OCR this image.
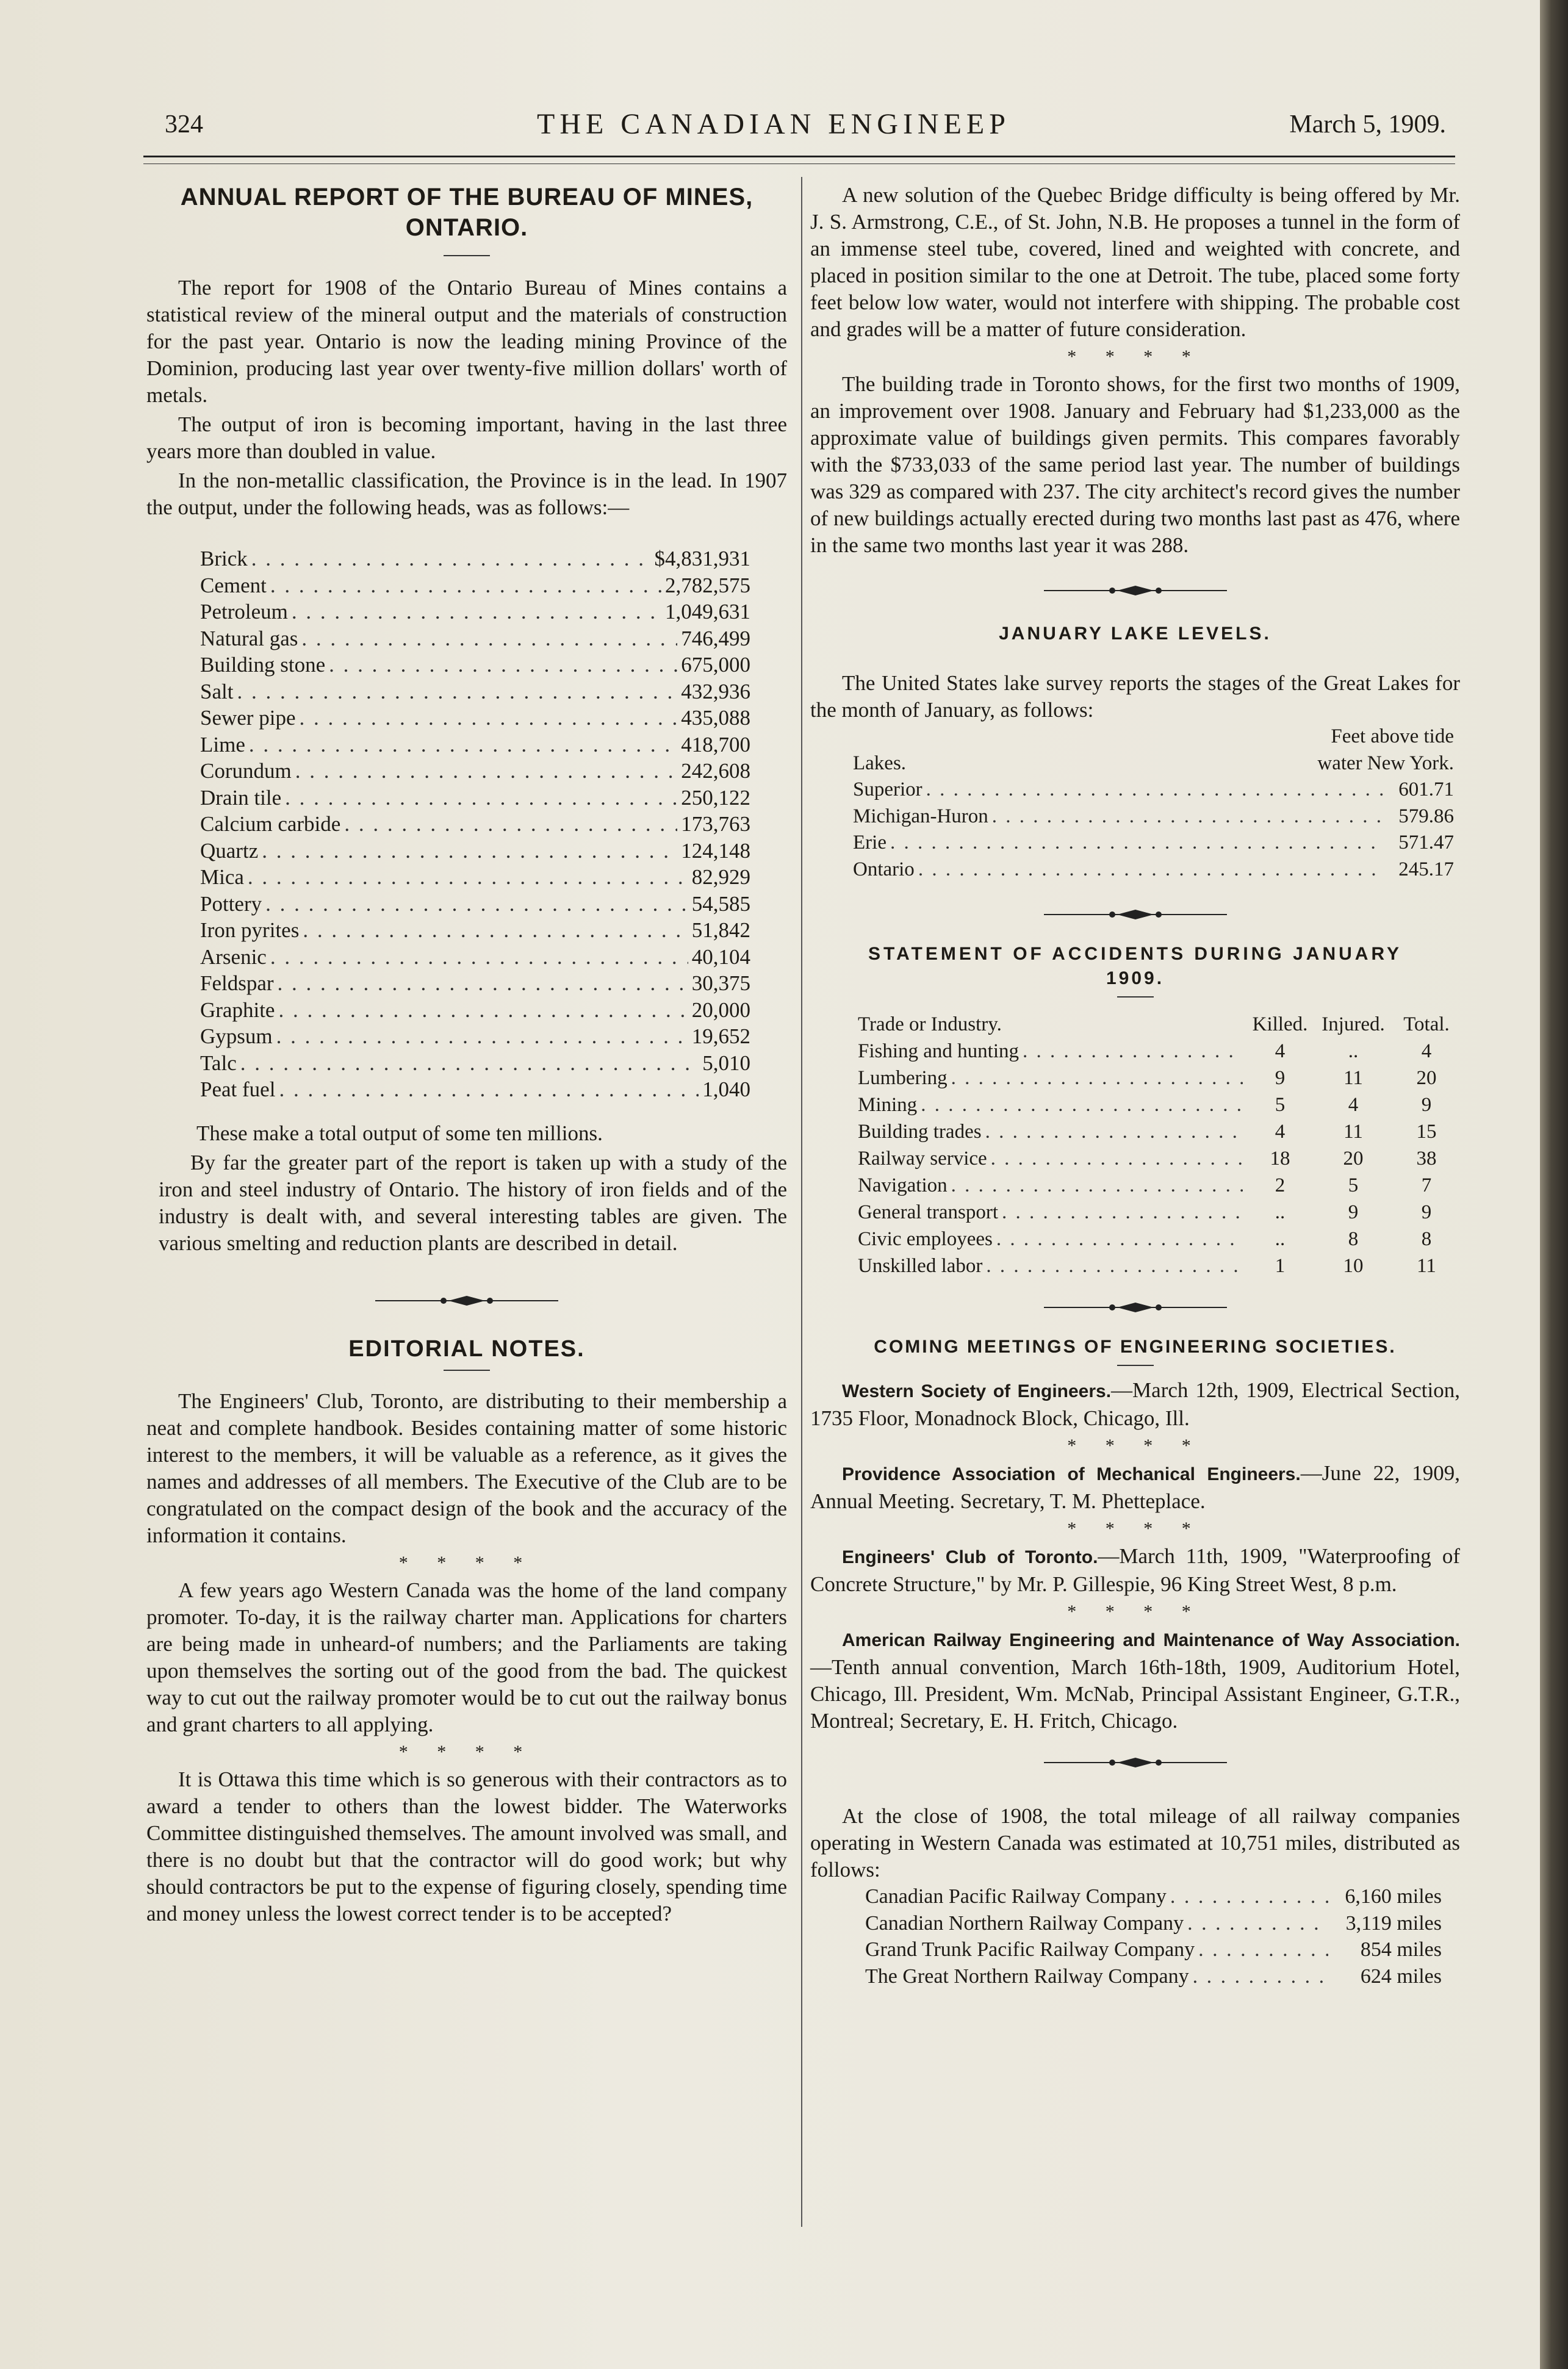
324	THE CANADIAN ENGINEEP	March 5, 1909.

ANNUAL REPORT OF THE BUREAU OF MINES,

ONTARIO.

The report for 1908 of the Ontario Bureau of Mines contains a statistical review of the mineral output and the materials of construction for the past year. Ontario is now the leading mining Province of the Dominion, producing last year over twenty-five million dollars' worth of metals.

The output of iron is becoming important, having in the last three years more than doubled in value.

In the non-metallic classification, the Province is in the lead. In 1907 the output, under the following heads, was as follows:—

Brick . . .	$4,831,931
Cement . . .	2,782,575
Petroleum . . .	1,049,631
Natural gas . . .	746,499
Building stone . . .	675,000
Salt . . .	432,936
Sewer pipe . . .	435,088
Lime . . .	418,700
Corundum . . .	242,608
Drain tile . . .	250,122
Calcium carbide . . .	173,763
Quartz . . .	124,148
Mica . . .	82,929
Pottery . . .	54,585
Iron pyrites . . .	51,842
Arsenic . . .	40,104
Feldspar . . .	30,375
Graphite . . .	20,000
Gypsum . . .	19,652
Talc . . .	5,010
Peat fuel . . .	1,040

These make a total output of some ten millions.

By far the greater part of the report is taken up with a study of the iron and steel industry of Ontario. The history of iron fields and of the industry is dealt with, and several interesting tables are given. The various smelting and reduction plants are described in detail.

EDITORIAL NOTES.

The Engineers' Club, Toronto, are distributing to their membership a neat and complete handbook. Besides containing matter of some historic interest to the members, it will be valuable as a reference, as it gives the names and addresses of all members. The Executive of the Club are to be congratulated on the compact design of the book and the accuracy of the information it contains.

* * * *

A few years ago Western Canada was the home of the land company promoter. To-day, it is the railway charter man. Applications for charters are being made in unheard-of numbers; and the Parliaments are taking upon themselves the sorting out of the good from the bad. The quickest way to cut out the railway promoter would be to cut out the railway bonus and grant charters to all applying.

* * * *

It is Ottawa this time which is so generous with their contractors as to award a tender to others than the lowest bidder. The Waterworks Committee distinguished themselves. The amount involved was small, and there is no doubt but that the contractor will do good work; but why should contractors be put to the expense of figuring closely, spending time and money unless the lowest correct tender is to be accepted?

A new solution of the Quebec Bridge difficulty is being offered by Mr. J. S. Armstrong, C.E., of St. John, N.B. He proposes a tunnel in the form of an immense steel tube, covered, lined and weighted with concrete, and placed in position similar to the one at Detroit. The tube, placed some forty feet below low water, would not interfere with shipping. The probable cost and grades will be a matter of future consideration.

* * * *

The building trade in Toronto shows, for the first two months of 1909, an improvement over 1908. January and February had $1,233,000 as the approximate value of buildings given permits. This compares favorably with the $733,033 of the same period last year. The number of buildings was 329 as compared with 237. The city architect's record gives the number of new buildings actually erected during two months last past as 476, where in the same two months last year it was 288.

JANUARY LAKE LEVELS.

The United States lake survey reports the stages of the Great Lakes for the month of January, as follows:

Feet above tide
Lakes.	water New York.
Superior . . .	601.71
Michigan-Huron . . .	579.86
Erie . . .	571.47
Ontario . . .	245.17

STATEMENT OF ACCIDENTS DURING JANUARY

1909.

Trade or Industry.	Killed. Injured. Total.
Fishing and hunting . . .	4	..	4
Lumbering . . .	9	11	20
Mining . . .	5	4	9
Building trades . . .	4	11	15
Railway service . . .	18	20	38
Navigation . . .	2	5	7
General transport . . .	..	9	9
Civic employees . . .	..	8	8
Unskilled labor . . .	1	10	11

COMING MEETINGS OF ENGINEERING SOCIETIES.

Western Society of Engineers.—March 12th, 1909, Electrical Section, 1735 Floor, Monadnock Block, Chicago, Ill.

* * * *

Providence Association of Mechanical Engineers.—June 22, 1909, Annual Meeting. Secretary, T. M. Phetteplace.

* * * *

Engineers' Club of Toronto.—March 11th, 1909, "Waterproofing of Concrete Structure," by Mr. P. Gillespie, 96 King Street West, 8 p.m.

* * * *

American Railway Engineering and Maintenance of Way Association.—Tenth annual convention, March 16th-18th, 1909, Auditorium Hotel, Chicago, Ill. President, Wm. McNab, Principal Assistant Engineer, G.T.R., Montreal; Secretary, E. H. Fritch, Chicago.

At the close of 1908, the total mileage of all railway companies operating in Western Canada was estimated at 10,751 miles, distributed as follows:

Canadian Pacific Railway Company . . .	6,160 miles
Canadian Northern Railway Company . . .	3,119 miles
Grand Trunk Pacific Railway Company . . .	854 miles
The Great Northern Railway Company . . .	624 miles
